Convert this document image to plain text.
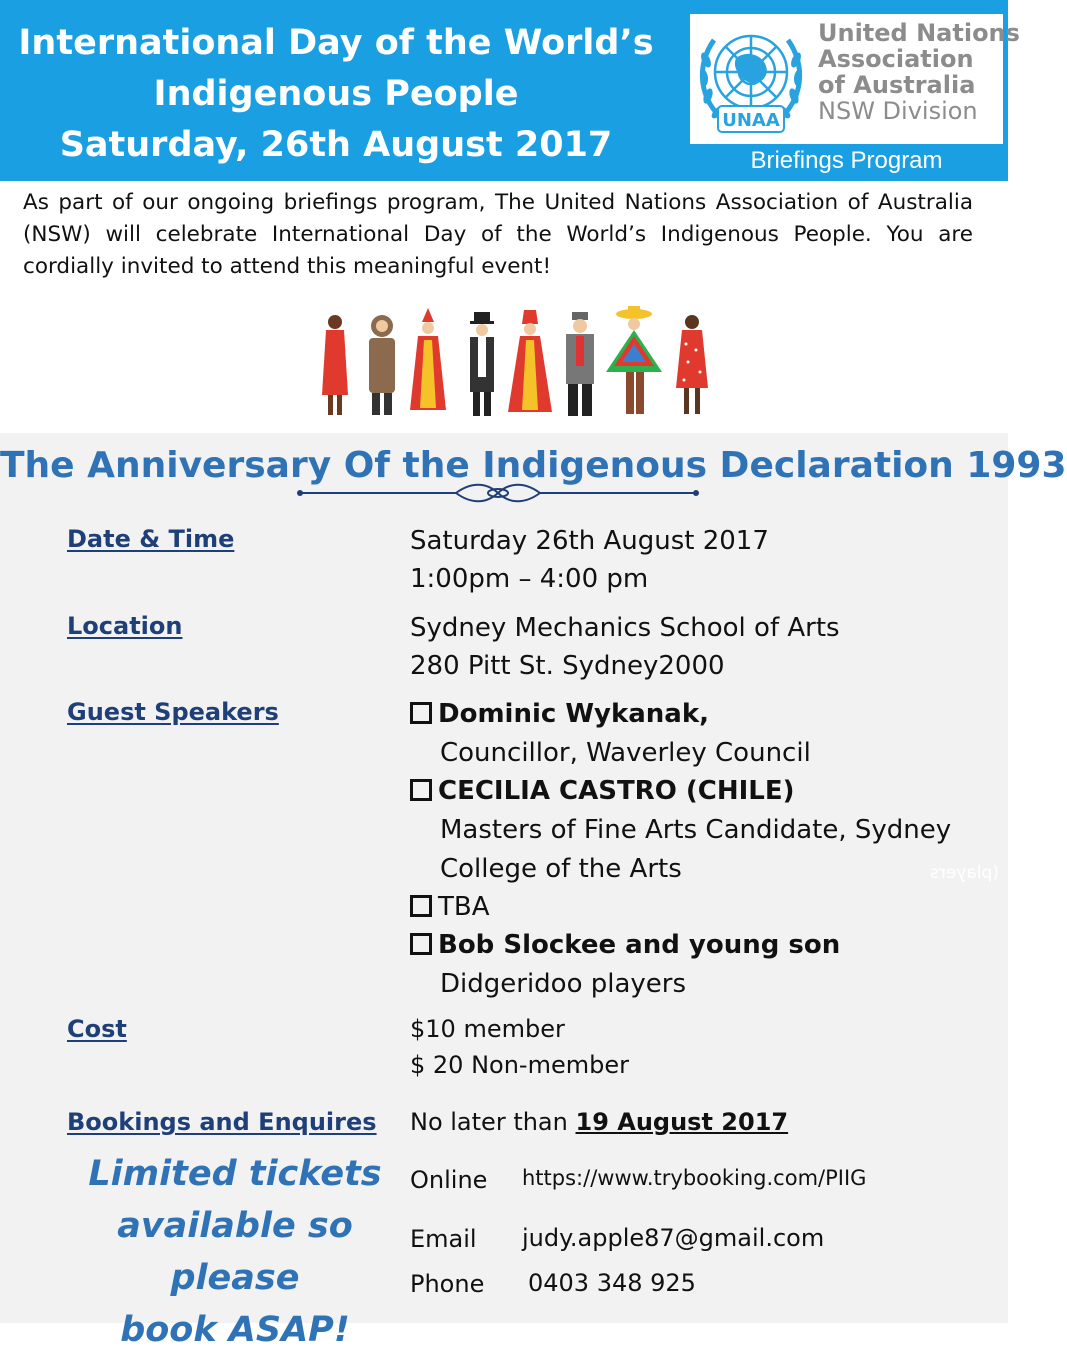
International Day of the World’s
Indigenous People
Saturday, 26th August 2017
UNAA
United Nations
Association
of Australia
NSW Division
Briefings Program
As part of our ongoing briefings program, The United Nations Association of Australia (NSW) will celebrate International Day of the World’s Indigenous People. You are cordially invited to attend this meaningful event!
The Anniversary Of the Indigenous Declaration 1993
Date & Time	Saturday 26th August 2017
1:00pm – 4:00 pm
Location	Sydney Mechanics School of Arts
280 Pitt St. Sydney2000
Guest Speakers	Dominic Wykanak,
Councillor, Waverley Council
CECILIA CASTRO (CHILE)
Masters of Fine Arts Candidate, Sydney
College of the Arts
TBA
Bob Slockee and young son
Didgeridoo players
(players
Cost	$10 member
$ 20 Non-member
Bookings and Enquires No later than 19 August 2017
Limited tickets
available so please
book ASAP!
Online https://www.trybooking.com/PIIG
Email judy.apple87@gmail.com
Phone 0403 348 925
